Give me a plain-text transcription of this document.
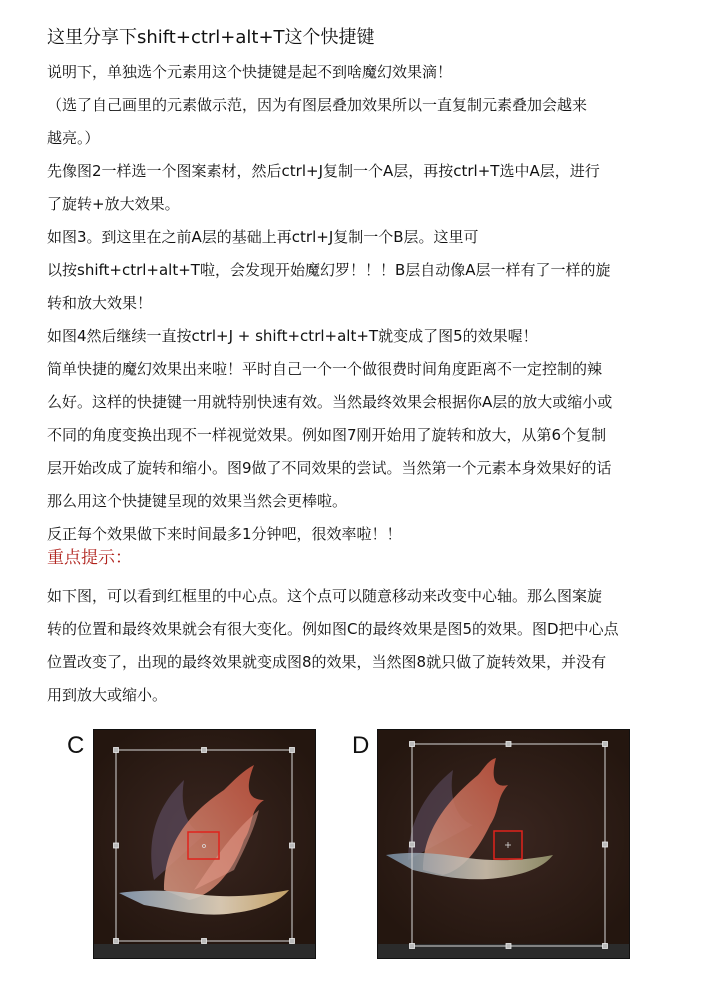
这里分享下shift+ctrl+alt+T这个快捷键
说明下，单独选个元素用这个快捷键是起不到啥魔幻效果滴！
（选了自己画里的元素做示范，因为有图层叠加效果所以一直复制元素叠加会越来
越亮。）
先像图2一样选一个图案素材，然后ctrl+J复制一个A层，再按ctrl+T选中A层，进行
了旋转+放大效果。
如图3。到这里在之前A层的基础上再ctrl+J复制一个B层。这里可
以按shift+ctrl+alt+T啦，会发现开始魔幻罗！！！B层自动像A层一样有了一样的旋
转和放大效果！
如图4然后继续一直按ctrl+J + shift+ctrl+alt+T就变成了图5的效果喔！
简单快捷的魔幻效果出来啦！平时自己一个一个做很费时间角度距离不一定控制的辣
么好。这样的快捷键一用就特别快速有效。当然最终效果会根据你A层的放大或缩小或
不同的角度变换出现不一样视觉效果。例如图7刚开始用了旋转和放大，从第6个复制
层开始改成了旋转和缩小。图9做了不同效果的尝试。当然第一个元素本身效果好的话
那么用这个快捷键呈现的效果当然会更棒啦。
反正每个效果做下来时间最多1分钟吧，很效率啦！！
重点提示：
如下图，可以看到红框里的中心点。这个点可以随意移动来改变中心轴。那么图案旋
转的位置和最终效果就会有很大变化。例如图C的最终效果是图5的效果。图D把中心点
位置改变了，出现的最终效果就变成图8的效果，当然图8就只做了旋转效果，并没有
用到放大或缩小。
C	D
